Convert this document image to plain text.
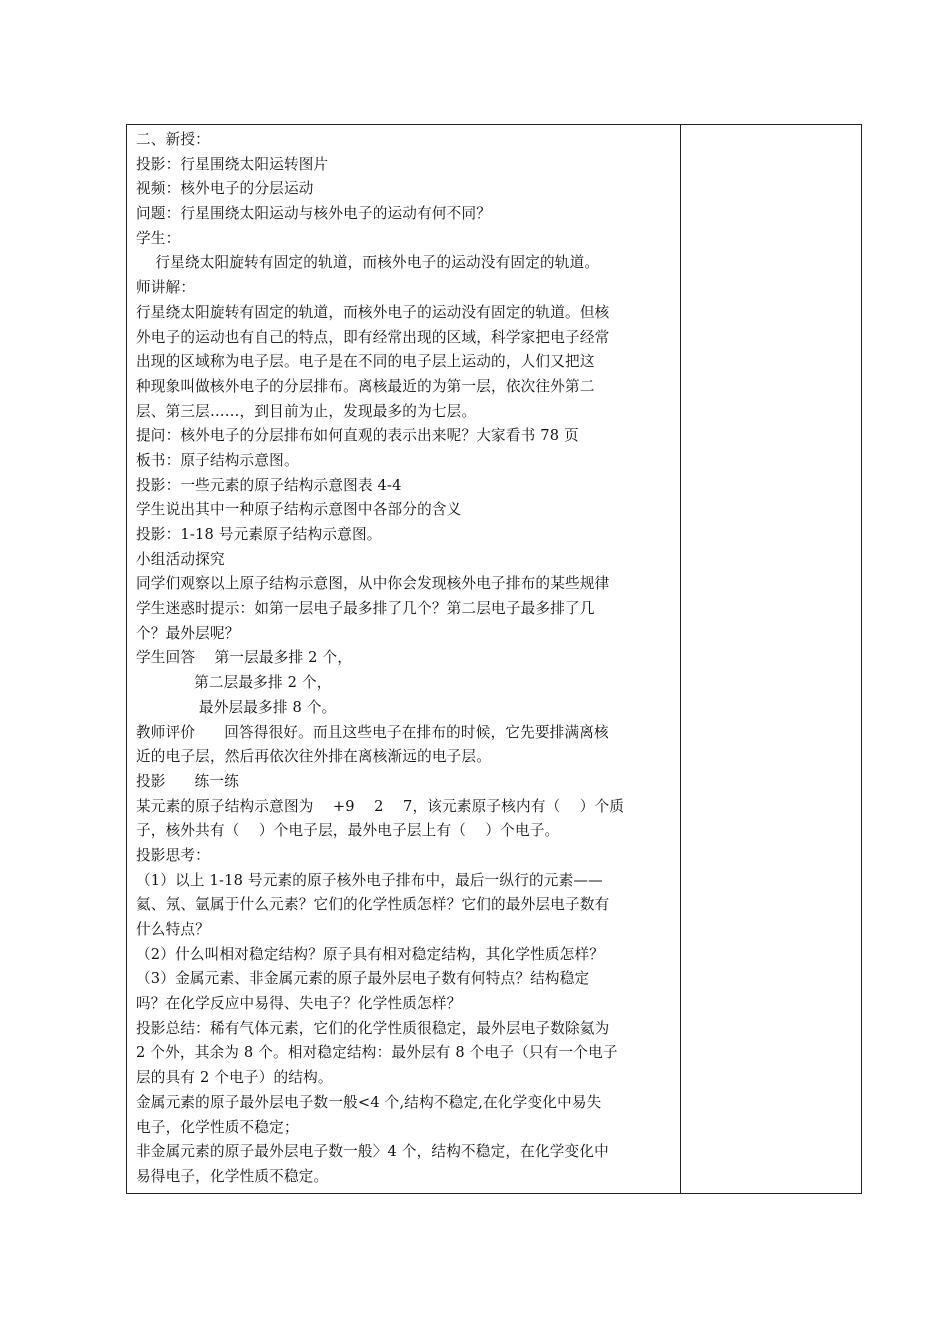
二、新授：
投影：行星围绕太阳运转图片
视频：核外电子的分层运动
问题：行星围绕太阳运动与核外电子的运动有何不同？
学生：
行星绕太阳旋转有固定的轨道，而核外电子的运动没有固定的轨道。
师讲解：
行星绕太阳旋转有固定的轨道，而核外电子的运动没有固定的轨道。但核
外电子的运动也有自己的特点，即有经常出现的区域，科学家把电子经常
出现的区域称为电子层。电子是在不同的电子层上运动的，人们又把这
种现象叫做核外电子的分层排布。离核最近的为第一层，依次往外第二
层、第三层……，到目前为止，发现最多的为七层。
提问：核外电子的分层排布如何直观的表示出来呢？大家看书 78 页
板书：原子结构示意图。
投影：一些元素的原子结构示意图表 4-4
学生说出其中一种原子结构示意图中各部分的含义
投影：1-18 号元素原子结构示意图。
小组活动探究
同学们观察以上原子结构示意图，从中你会发现核外电子排布的某些规律
学生迷惑时提示：如第一层电子最多排了几个？第二层电子最多排了几
个？最外层呢？
学生回答    第一层最多排 2 个，
第二层最多排 2 个，
最外层最多排 8 个。
教师评价      回答得很好。而且这些电子在排布的时候，它先要排满离核
近的电子层，然后再依次往外排在离核渐远的电子层。
投影      练一练
某元素的原子结构示意图为    +9    2    7，该元素原子核内有（    ）个质
子，核外共有（    ）个电子层，最外电子层上有（    ）个电子。
投影思考：
（1）以上 1-18 号元素的原子核外电子排布中，最后一纵行的元素——
氦、氖、氩属于什么元素？它们的化学性质怎样？它们的最外层电子数有
什么特点？
（2）什么叫相对稳定结构？原子具有相对稳定结构，其化学性质怎样？
（3）金属元素、非金属元素的原子最外层电子数有何特点？结构稳定
吗？在化学反应中易得、失电子？化学性质怎样？
投影总结：稀有气体元素，它们的化学性质很稳定，最外层电子数除氦为
2 个外，其余为 8 个。相对稳定结构：最外层有 8 个电子（只有一个电子
层的具有 2 个电子）的结构。
金属元素的原子最外层电子数一般<4 个,结构不稳定,在化学变化中易失
电子，化学性质不稳定；
非金属元素的原子最外层电子数一般〉4 个，结构不稳定，在化学变化中
易得电子，化学性质不稳定。
